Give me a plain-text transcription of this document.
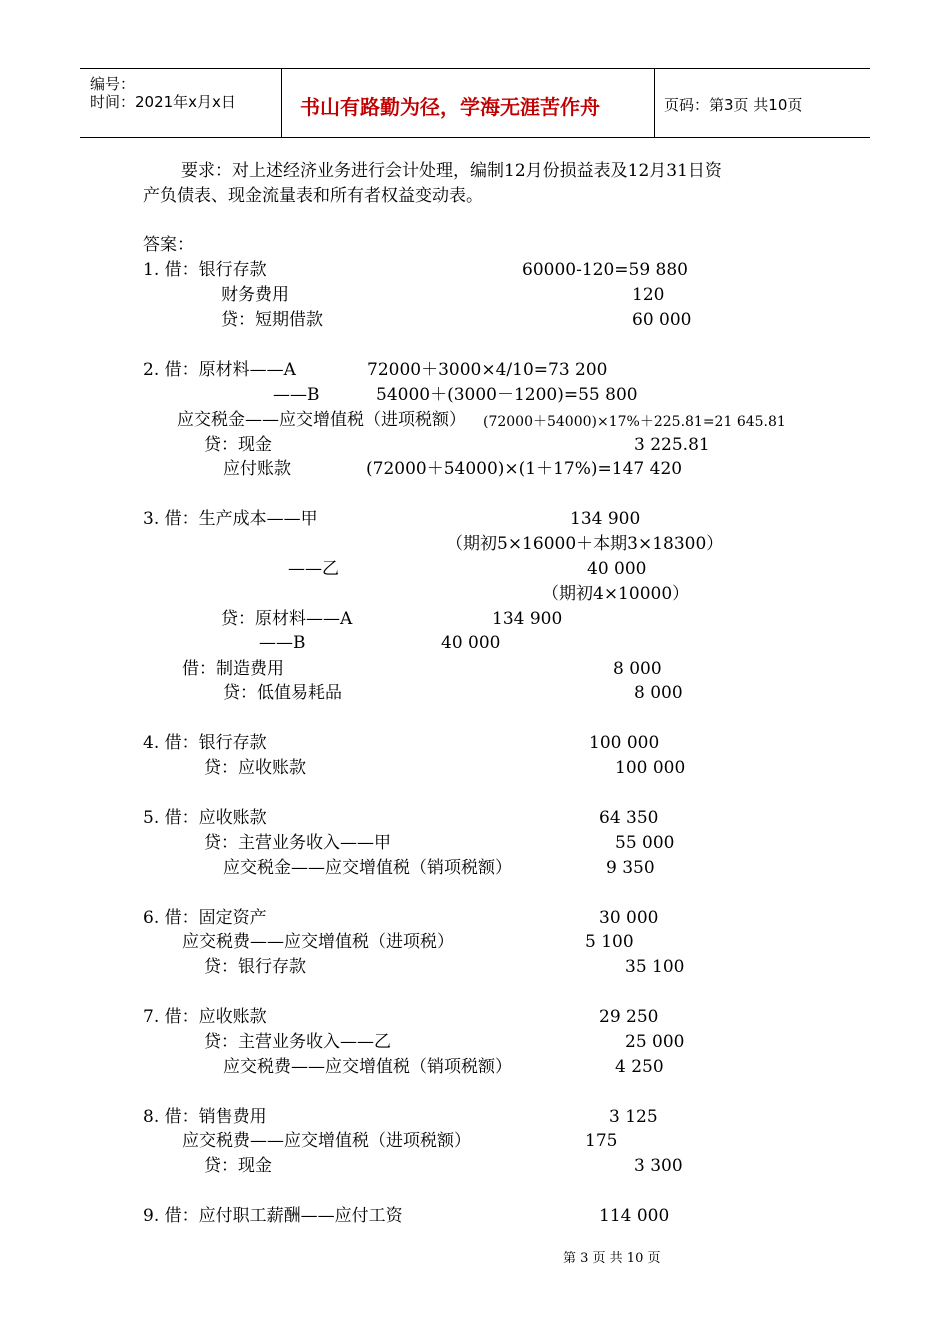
编号：
时间：2021年x月x日	书山有路勤为径，学海无涯苦作舟	页码：第3页 共10页
要求：对上述经济业务进行会计处理，编制12月份损益表及12月31日资
产负债表、现金流量表和所有者权益变动表。
答案：
1. 借：银行存款	60000-120=59 880
财务费用	120
贷：短期借款	60 000
2. 借：原材料——A	72000＋3000×4/10=73 200
——B	54000＋(3000－1200)=55 800
应交税金——应交增值税（进项税额） (72000＋54000)×17%＋225.81=21 645.81
贷：现金	3 225.81
应付账款	(72000＋54000)×(1＋17%)=147 420
3. 借：生产成本——甲	134 900
（期初5×16000＋本期3×18300）
——乙	40 000
（期初4×10000）
贷：原材料——A	134 900
——B	40 000
借：制造费用	8 000
贷：低值易耗品	8 000
4. 借：银行存款	100 000
贷：应收账款	100 000
5. 借：应收账款	64 350
贷：主营业务收入——甲	55 000
应交税金——应交增值税（销项税额）	9 350
6. 借：固定资产	30 000
应交税费——应交增值税（进项税）	5 100
贷：银行存款	35 100
7. 借：应收账款	29 250
贷：主营业务收入——乙	25 000
应交税费——应交增值税（销项税额）	4 250
8. 借：销售费用	3 125
应交税费——应交增值税（进项税额）	175
贷：现金	3 300
9. 借：应付职工薪酬——应付工资	114 000
第 3 页 共 10 页
